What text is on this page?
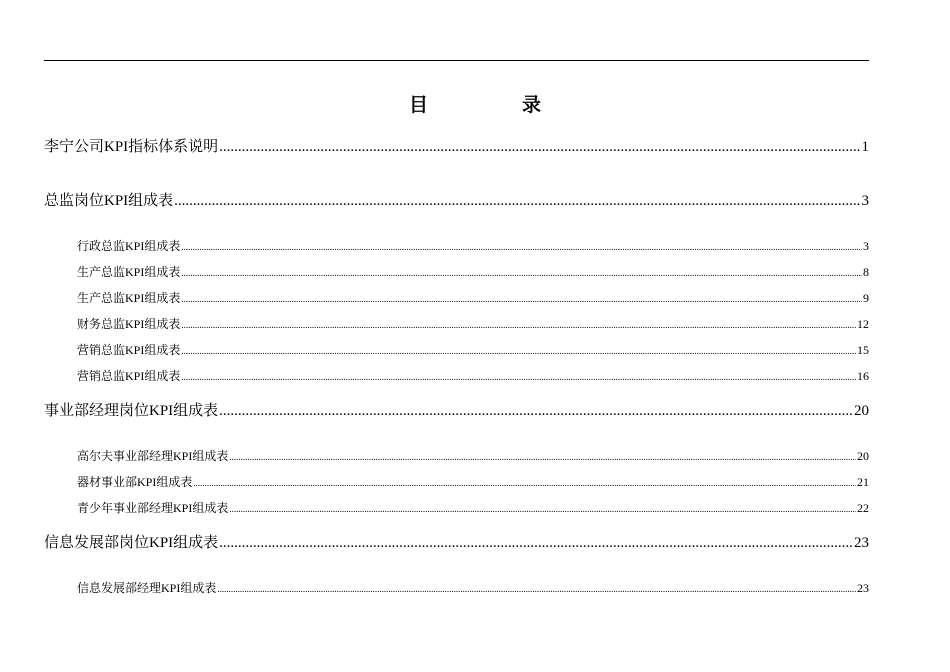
目	录
李宁公司KPI指标体系说明 .....	1
总监岗位KPI组成表 .....	3
行政总监KPI组成表 .....	3
生产总监KPI组成表 .....	8
生产总监KPI组成表 .....	9
财务总监KPI组成表 .....	12
营销总监KPI组成表 .....	15
营销总监KPI组成表 .....	16
事业部经理岗位KPI组成表 .....	20
高尔夫事业部经理KPI组成表 .....	20
器材事业部KPI组成表 .....	21
青少年事业部经理KPI组成表 .....	22
信息发展部岗位KPI组成表 .....	23
信息发展部经理KPI组成表 .....	23
